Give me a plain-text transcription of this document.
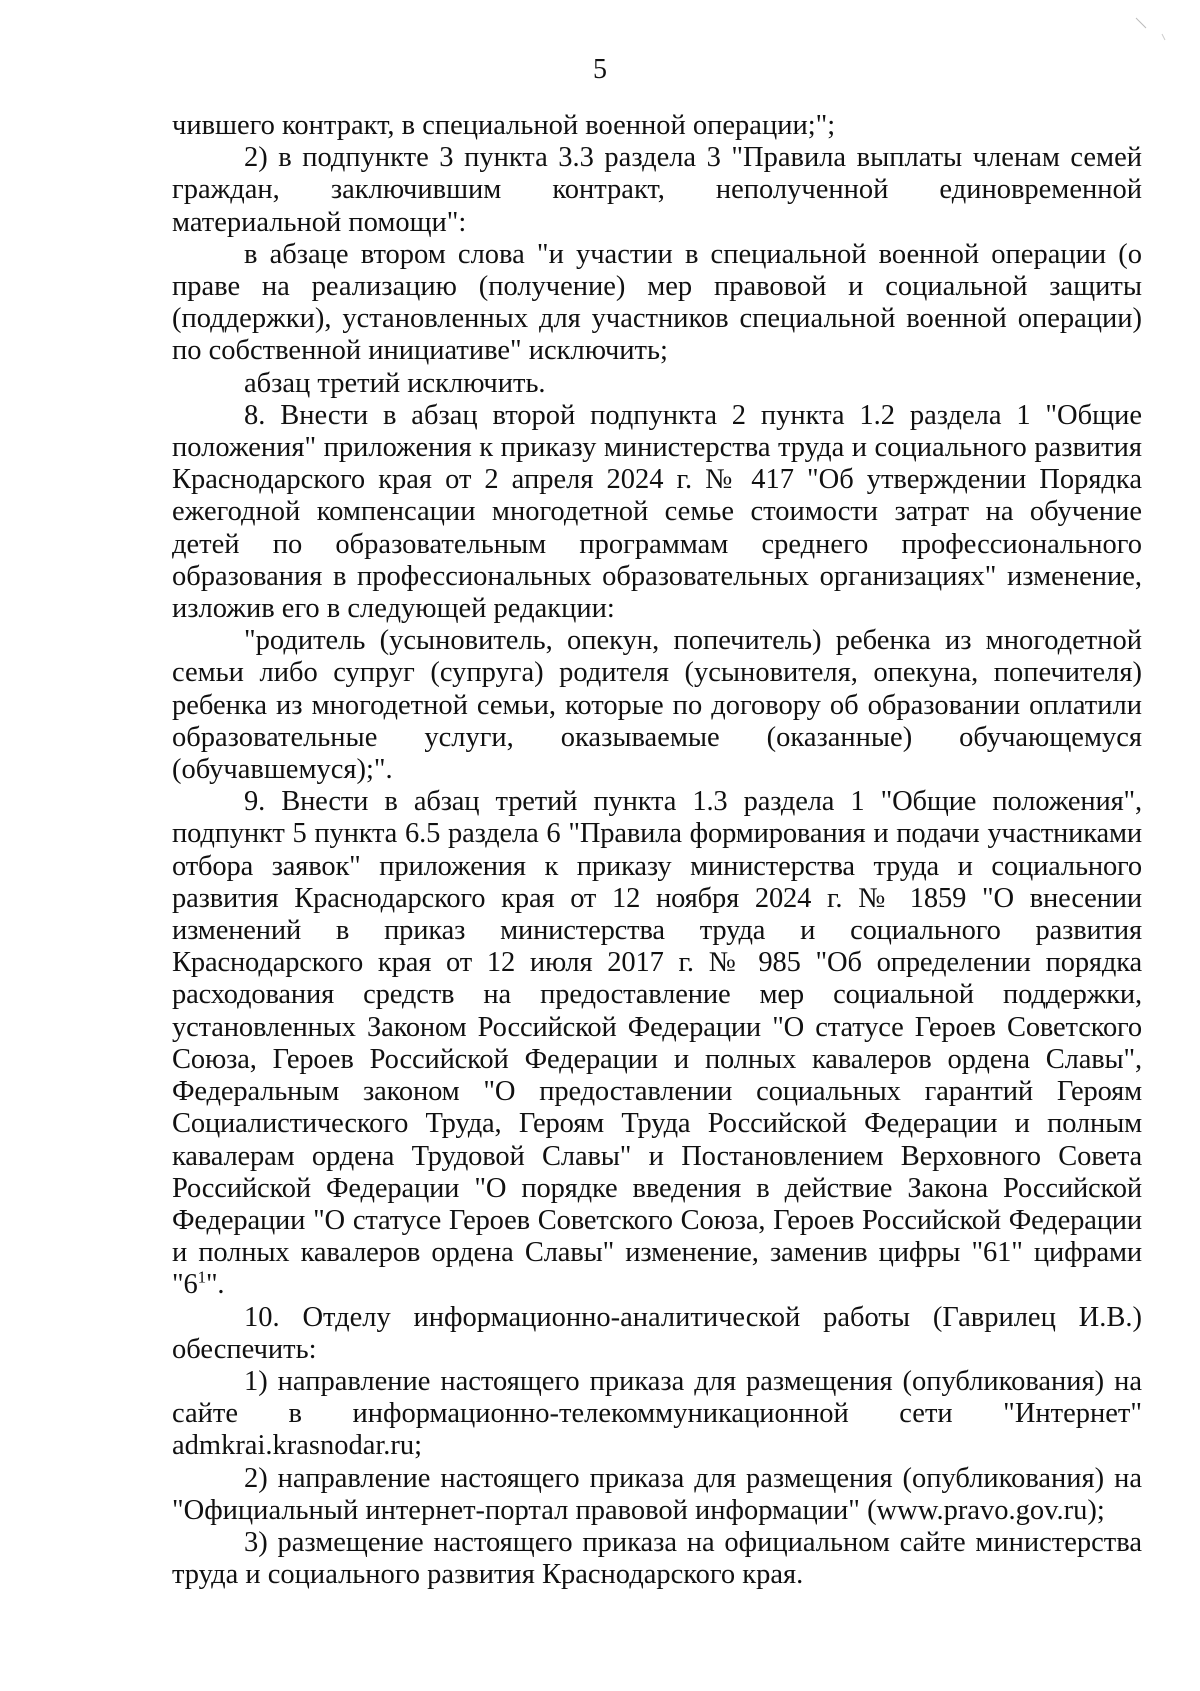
5

чившего контракт, в специальной военной операции;";

2) в подпункте 3 пункта 3.3 раздела 3 "Правила выплаты членам семей граждан, заключившим контракт, неполученной единовременной материальной помощи":

в абзаце втором слова "и участии в специальной военной операции (о праве на реализацию (получение) мер правовой и социальной защиты (поддержки), установленных для участников специальной военной операции) по собственной инициативе" исключить;

абзац третий исключить.

8. Внести в абзац второй подпункта 2 пункта 1.2 раздела 1 "Общие положения" приложения к приказу министерства труда и социального развития Краснодарского края от 2 апреля 2024 г. № 417 "Об утверждении Порядка ежегодной компенсации многодетной семье стоимости затрат на обучение детей по образовательным программам среднего профессионального образования в профессиональных образовательных организациях" изменение, изложив его в следующей редакции:

"родитель (усыновитель, опекун, попечитель) ребенка из многодетной семьи либо супруг (супруга) родителя (усыновителя, опекуна, попечителя) ребенка из многодетной семьи, которые по договору об образовании оплатили образовательные услуги, оказываемые (оказанные) обучающемуся (обучавшемуся);".

9. Внести в абзац третий пункта 1.3 раздела 1 "Общие положения", подпункт 5 пункта 6.5 раздела 6 "Правила формирования и подачи участниками отбора заявок" приложения к приказу министерства труда и социального развития Краснодарского края от 12 ноября 2024 г. № 1859 "О внесении изменений в приказ министерства труда и социального развития Краснодарского края от 12 июля 2017 г. № 985 "Об определении порядка расходования средств на предоставление мер социальной поддержки, установленных Законом Российской Федерации "О статусе Героев Советского Союза, Героев Российской Федерации и полных кавалеров ордена Славы", Федеральным законом "О предоставлении социальных гарантий Героям Социалистического Труда, Героям Труда Российской Федерации и полным кавалерам ордена Трудовой Славы" и Постановлением Верховного Совета Российской Федерации "О порядке введения в действие Закона Российской Федерации "О статусе Героев Советского Союза, Героев Российской Федерации и полных кавалеров ордена Славы" изменение, заменив цифры "61" цифрами "$6^1$".

10. Отделу информационно-аналитической работы (Гаврилец И.В.) обеспечить:

1) направление настоящего приказа для размещения (опубликования) на сайте в информационно-телекоммуникационной сети "Интернет" admkrai.krasnodar.ru;

2) направление настоящего приказа для размещения (опубликования) на "Официальный интернет-портал правовой информации" (www.pravo.gov.ru);

3) размещение настоящего приказа на официальном сайте министерства труда и социального развития Краснодарского края.
